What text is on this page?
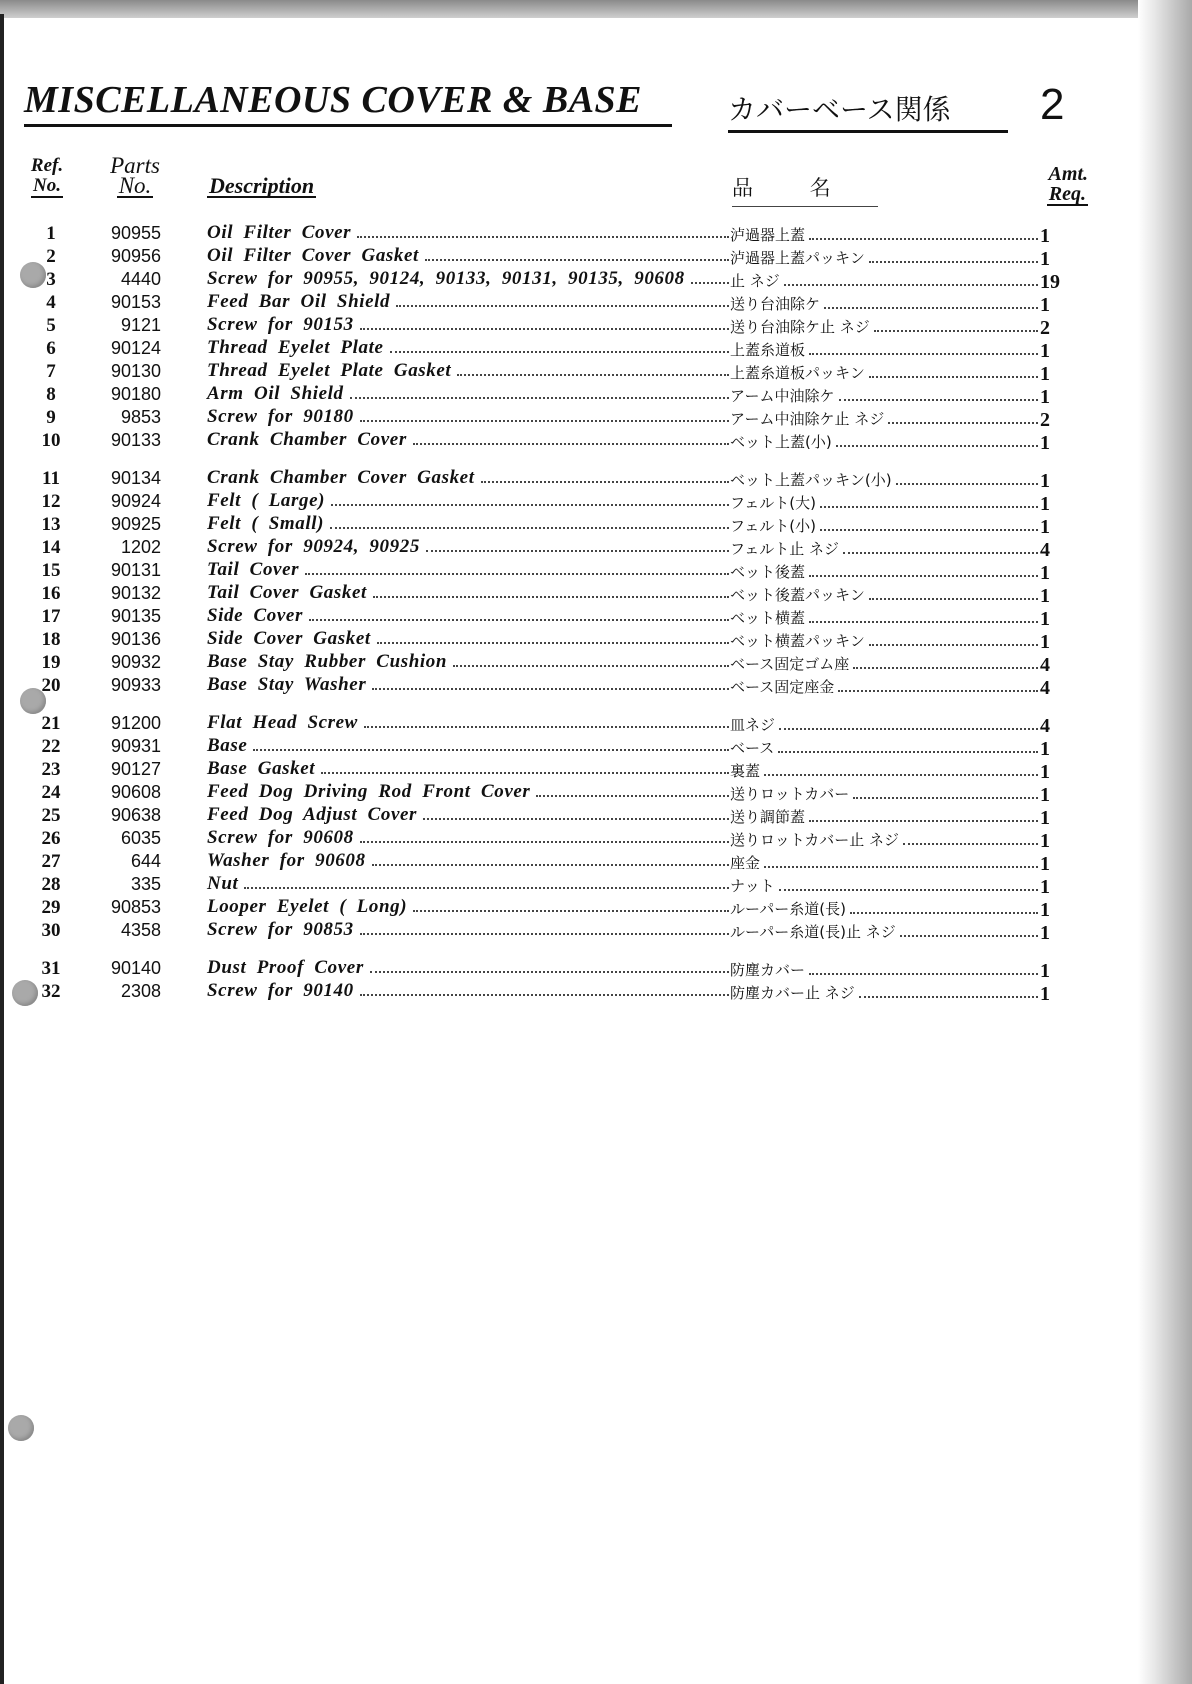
MISCELLANEOUS COVER & BASE	カバーベース関係	2
Ref.
No.
Parts
No.	Description	品 名
Amt.
Req.
1	90955 Oil Filter Cover	泸過器上蓋	1
2	90956 Oil Filter Cover Gasket	泸過器上蓋パッキン	1
3	4440 Screw for 90955, 90124, 90133, 90131, 90135, 90608	止 ネジ	19
4	90153 Feed Bar Oil Shield	送り台油除ケ	1
5	9121 Screw for 90153	送り台油除ケ止 ネジ	2
6	90124 Thread Eyelet Plate	上蓋糸道板	1
7	90130 Thread Eyelet Plate Gasket	上蓋糸道板パッキン	1
8	90180 Arm Oil Shield	アーム中油除ケ	1
9	9853 Screw for 90180	アーム中油除ケ止 ネジ	2
10	90133 Crank Chamber Cover	ベット上蓋(小)	1
11	90134 Crank Chamber Cover Gasket	ベット上蓋パッキン(小)	1
12	90924 Felt ( Large)	フェルト(大)	1
13	90925 Felt ( Small)	フェルト(小)	1
14	1202 Screw for 90924, 90925	フェルト止 ネジ	4
15	90131 Tail Cover	ベット後蓋	1
16	90132 Tail Cover Gasket	ベット後蓋パッキン	1
17	90135 Side Cover	ベット横蓋	1
18	90136 Side Cover Gasket	ベット横蓋パッキン	1
19	90932 Base Stay Rubber Cushion	ベース固定ゴム座	4
20	90933 Base Stay Washer	ベース固定座金	4
21	91200 Flat Head Screw	皿ネジ	4
22	90931 Base	ベース	1
23	90127 Base Gasket	裏蓋	1
24	90608 Feed Dog Driving Rod Front Cover	送りロットカバー	1
25	90638 Feed Dog Adjust Cover	送り調節蓋	1
26	6035 Screw for 90608	送りロットカバー止 ネジ	1
27	644 Washer for 90608	座金	1
28	335 Nut	ナット	1
29	90853 Looper Eyelet ( Long)	ルーパー糸道(長)	1
30	4358 Screw for 90853	ルーパー糸道(長)止 ネジ	1
31	90140 Dust Proof Cover	防塵カバー	1
32	2308 Screw for 90140	防塵カバー止 ネジ	1
